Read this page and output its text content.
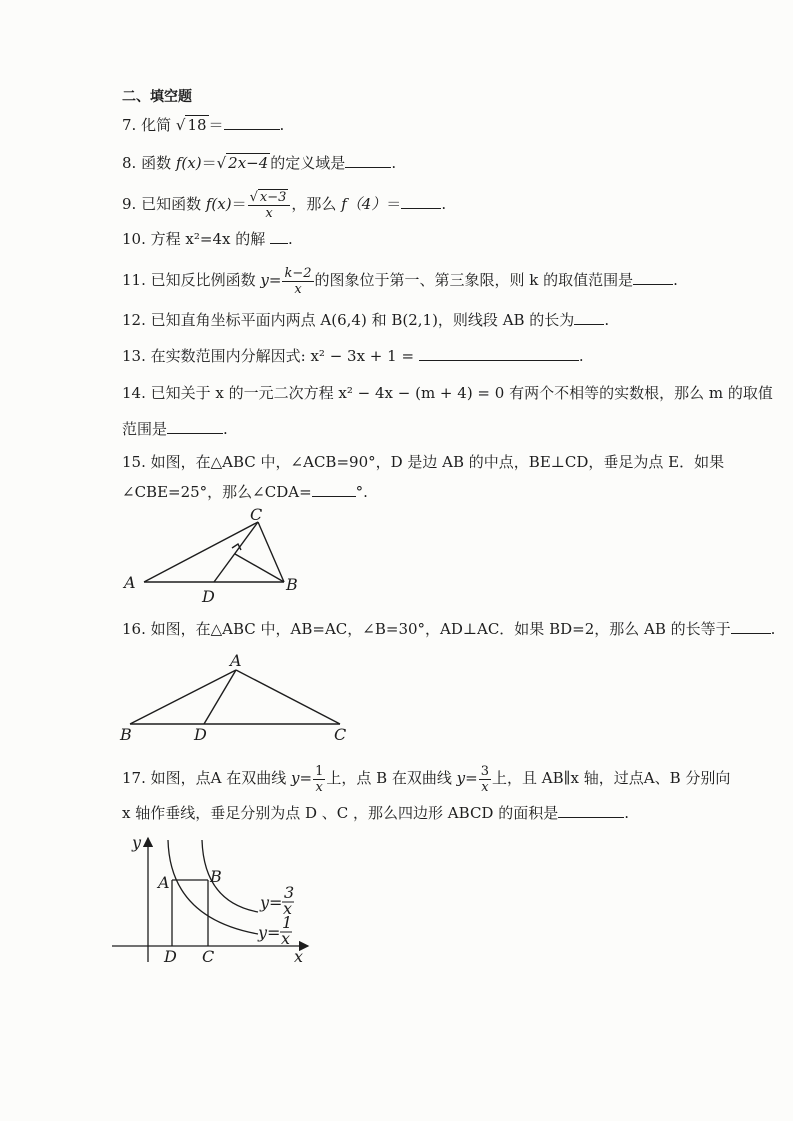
二、填空题
7. 化简 √ 18 ＝	.
8. 函数 f(x)＝√ 2x−4 的定义域是	.
9. 已知函数 $f(x)= \frac{√ x-3}{x}$ ，那么 f（4）＝	.
10. 方程 x²=4x 的解 .
11. 已知反比例函数 $y= \frac{k-2}{x}$ 的图象位于第一、第三象限，则 k 的取值范围是	.
12. 已知直角坐标平面内两点 A(6,4) 和 B(2,1)，则线段 AB 的长为 .
13. 在实数范围内分解因式: x² − 3x + 1 =	.
14. 已知关于 x 的一元二次方程 x² − 4x − (m + 4) = 0 有两个不相等的实数根，那么 m 的取值
范围是	.
15. 如图，在△ABC 中，∠ACB=90°，D 是边 AB 的中点，BE⊥CD，垂足为点 E．如果
∠CBE=25°，那么∠CDA=	°.
C
A	B
D
16. 如图，在△ABC 中，AB=AC，∠B=30°，AD⊥AC．如果 BD=2，那么 AB 的长等于	.
A
B	D	C
17. 如图，点A 在双曲线 $y= \frac{1}{x}$ 上，点 B 在双曲线 $y= \frac{3}{x}$ 上，且 AB∥x 轴，过点A、B 分别向
x 轴作垂线，垂足分别为点 D 、C ，那么四边形 ABCD 的面积是	.
y
x
A	B
D C
y=
3
x
y=
1
x
